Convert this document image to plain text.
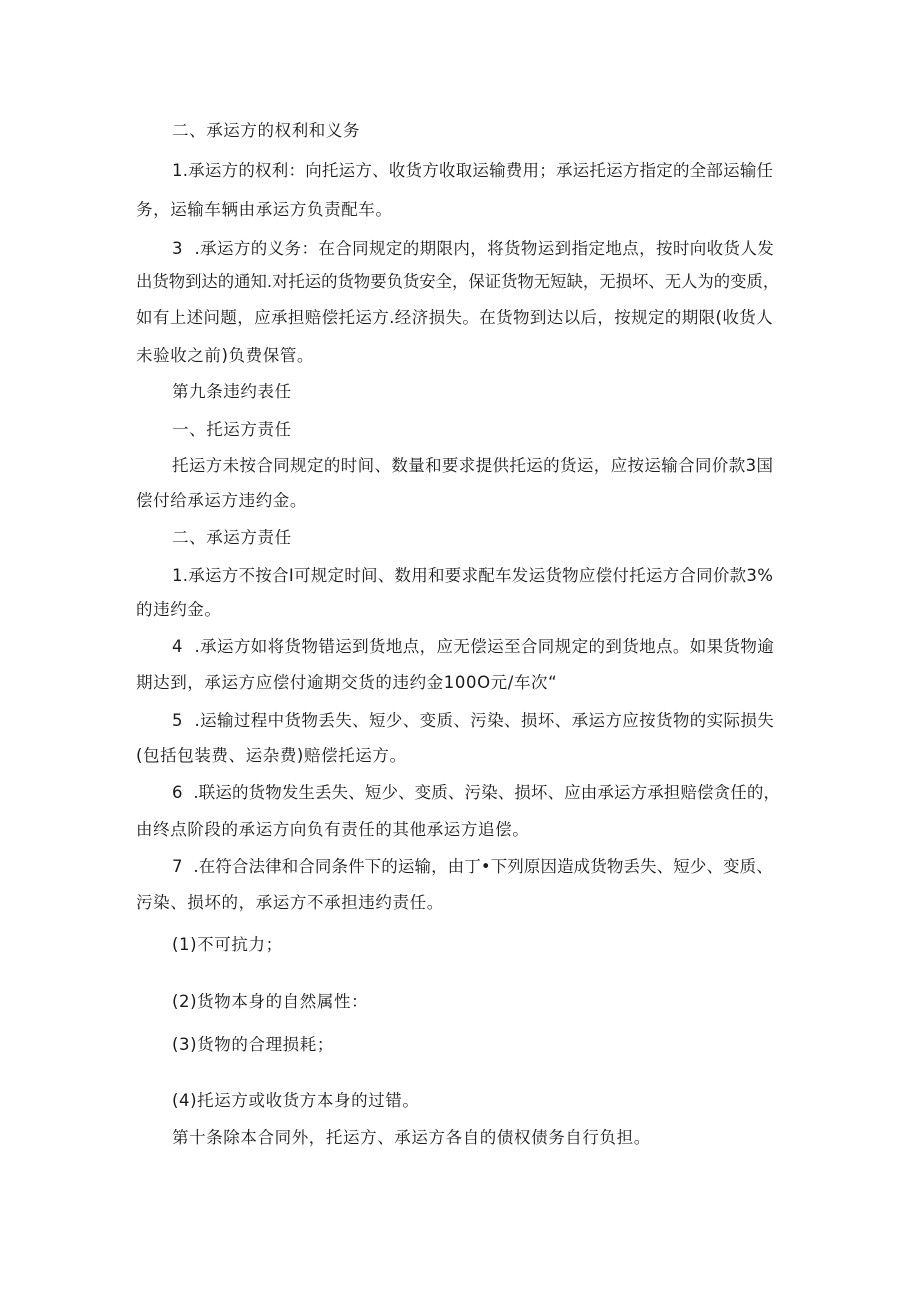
二、承运方的权利和义务
1.承运方的权利：向托运方、收货方收取运输费用；承运托运方指定的全部运输任
务，运输车辆由承运方负责配车。
3	.承运方的义务：在合同规定的期限内，将货物运到指定地点，按时向收货人发
出货物到达的通知.对托运的货物要负货安全，保证货物无短缺，无损坏、无人为的变质，
如有上述问题，应承担赔偿托运方.经济损失。在货物到达以后，按规定的期限(收货人
未验收之前)负费保管。
第九条违约表任
一、托运方责任
托运方未按合同规定的时间、数量和要求提供托运的货运，应按运输合同价款3国
偿付给承运方违约金。
二、承运方责任
1.承运方不按合I可规定时间、数用和要求配车发运货物应偿付托运方合同价款3%
的违约金。
4	.承运方如将货物错运到货地点，应无偿运至合同规定的到货地点。如果货物逾
期达到，承运方应偿付逾期交货的违约金100O元/车次“
5	.运输过程中货物丢失、短少、变质、污染、损坏、承运方应按货物的实际损失
(包括包装费、运杂费)赔偿托运方。
6	.联运的货物发生丢失、短少、变质、污染、损坏、应由承运方承担赔偿贪任的，
由终点阶段的承运方向负有责任的其他承运方追偿。
7	.在符合法律和合同条件下的运输，由丁•下列原因造成货物丢失、短少、变质、
污染、损坏的，承运方不承担违约责任。
(1)不可抗力；
(2)货物本身的自然属性：
(3)货物的合理损耗；
(4)托运方或收货方本身的过错。
第十条除本合同外，托运方、承运方各自的债权债务自行负担。
